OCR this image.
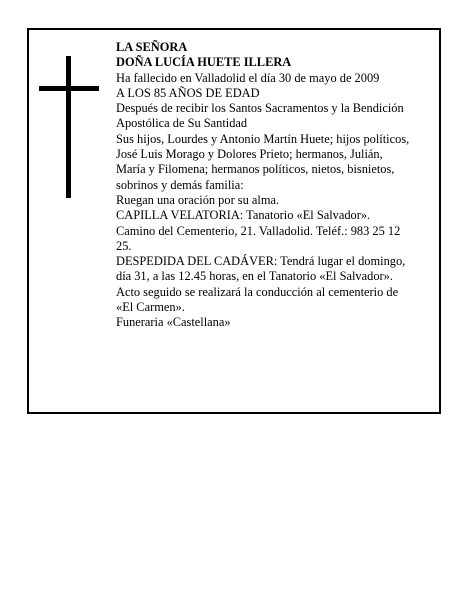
LA SEÑORA

DOÑA LUCÍA HUETE ILLERA

Ha fallecido en Valladolid el día 30 de mayo de 2009

A LOS 85 AÑOS DE EDAD

Después de recibir los Santos Sacramentos y la Bendición Apostólica de Su Santidad

Sus hijos, Lourdes y Antonio Martín Huete; hijos políticos, José Luis Morago y Dolores Prieto; hermanos, Julián, María y Filomena; hermanos políticos, nietos, bisnietos, sobrinos y demás familia:

Ruegan una oración por su alma.

CAPILLA VELATORIA: Tanatorio «El Salvador». Camino del Cementerio, 21. Valladolid. Teléf.: 983 25 12 25.

DESPEDIDA DEL CADÁVER: Tendrá lugar el domingo, día 31, a las 12.45 horas, en el Tanatorio «El Salvador». Acto seguido se realizará la conducción al cementerio de «El Carmen».

Funeraria «Castellana»
